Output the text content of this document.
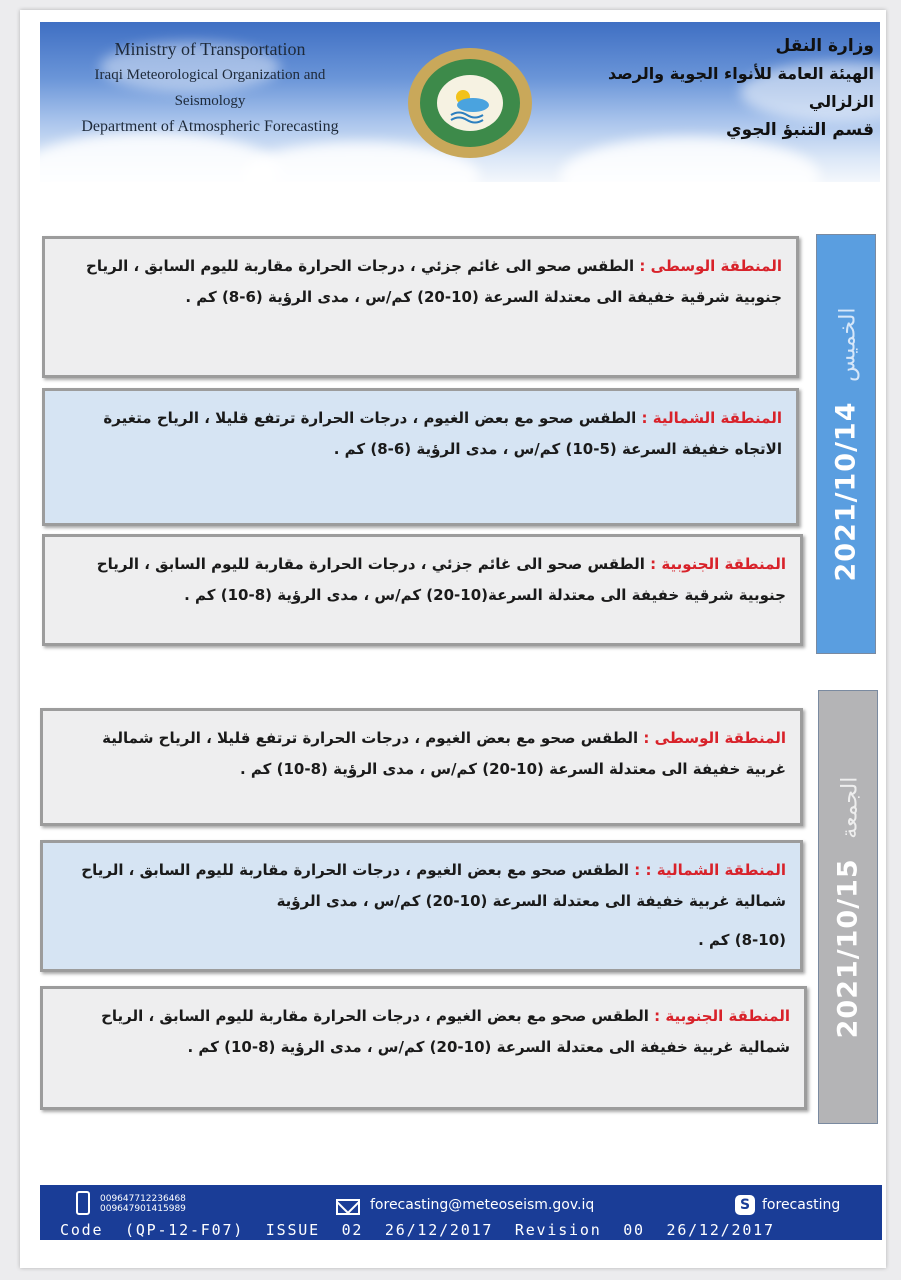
Ministry of Transportation
Iraqi Meteorological Organization and Seismology
Department of Atmospheric Forecasting
وزارة النقل
الهيئة العامة للأنواء الجوية والرصد الزلزالي
قسم التنبؤ الجوي
2021/10/14 الخميس

المنطقة الوسطى : الطقس صحو الى غائم جزئي ، درجات الحرارة مقاربة لليوم السابق ، الرياح جنوبية شرقية خفيفة الى معتدلة السرعة (10-20) كم/س ، مدى الرؤية (6-8) كم .

المنطقة الشمالية : الطقس صحو مع بعض الغيوم ، درجات الحرارة ترتفع قليلا ، الرياح متغيرة الاتجاه خفيفة السرعة (5-10) كم/س ، مدى الرؤية (6-8) كم .

المنطقة الجنوبية : الطقس صحو الى غائم جزئي ، درجات الحرارة مقاربة لليوم السابق ، الرياح جنوبية شرقية خفيفة الى معتدلة السرعة(10-20) كم/س ، مدى الرؤية (8-10) كم .

2021/10/15 الجمعة

المنطقة الوسطى : الطقس صحو مع بعض الغيوم ، درجات الحرارة ترتفع قليلا ، الرياح شمالية غربية خفيفة الى معتدلة السرعة (10-20) كم/س ، مدى الرؤية (8-10) كم .

المنطقة الشمالية : : الطقس صحو مع بعض الغيوم ، درجات الحرارة مقاربة لليوم السابق ، الرياح شمالية غربية خفيفة الى معتدلة السرعة (10-20) كم/س ، مدى الرؤية

(8-10) كم .

المنطقة الجنوبية : الطقس صحو مع بعض الغيوم ، درجات الحرارة مقاربة لليوم السابق ، الرياح شمالية غربية خفيفة الى معتدلة السرعة (10-20) كم/س ، مدى الرؤية (8-10) كم .

009647712236468
009647901415989	forecasting@meteoseism.gov.iq	S forecasting
Code  (QP-12-F07)  ISSUE  02  26/12/2017  Revision  00  26/12/2017
